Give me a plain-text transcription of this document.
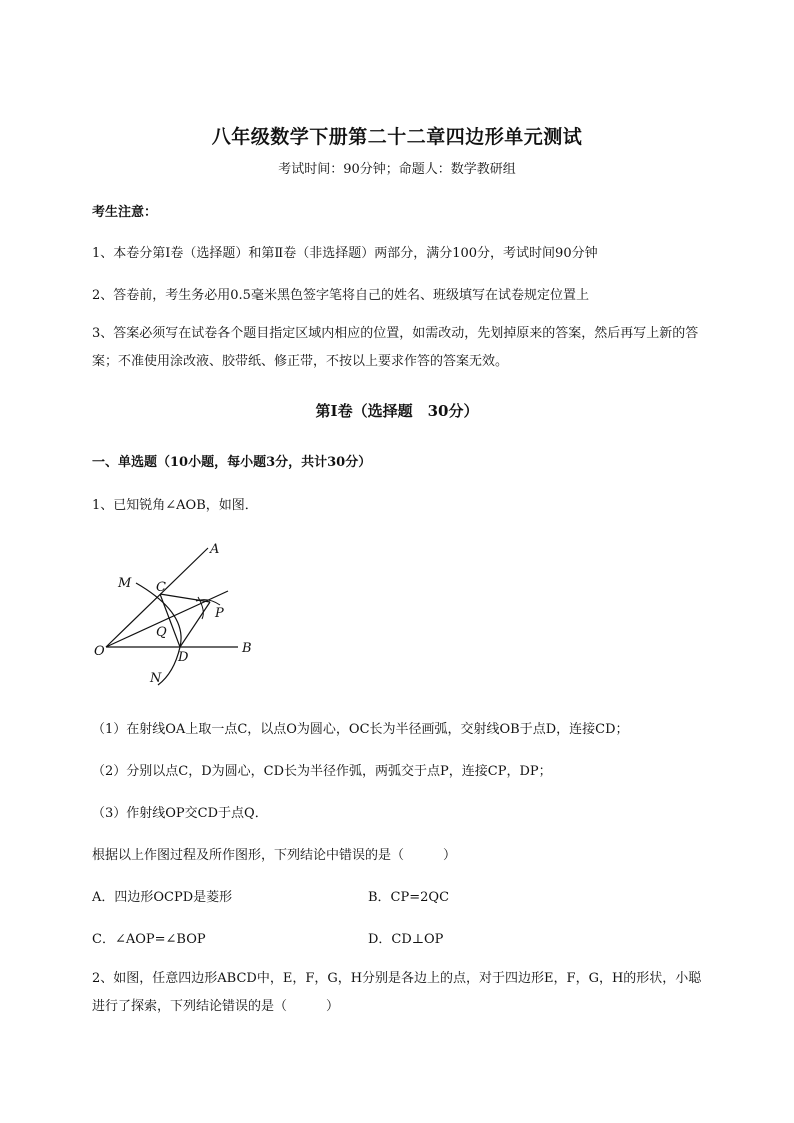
八年级数学下册第二十二章四边形单元测试
考试时间：90分钟；命题人：数学教研组
考生注意：
1、本卷分第Ⅰ卷（选择题）和第Ⅱ卷（非选择题）两部分，满分100分，考试时间90分钟
2、答卷前，考生务必用0.5毫米黑色签字笔将自己的姓名、班级填写在试卷规定位置上
3、答案必须写在试卷各个题目指定区域内相应的位置，如需改动，先划掉原来的答案，然后再写上新的答案；不准使用涂改液、胶带纸、修正带，不按以上要求作答的答案无效。
第Ⅰ卷（选择题　30分）
一、单选题（10小题，每小题3分，共计30分）
1、已知锐角∠AOB，如图．
A
M C
P
Q
O	D
B
N
（1）在射线OA上取一点C，以点O为圆心，OC长为半径画弧，交射线OB于点D，连接CD；
（2）分别以点C，D为圆心，CD长为半径作弧，两弧交于点P，连接CP，DP；
（3）作射线OP交CD于点Q．
根据以上作图过程及所作图形，下列结论中错误的是（　　　）
A．四边形OCPD是菱形	B．CP=2QC
C．∠AOP=∠BOP	D．CD⊥OP
2、如图，任意四边形ABCD中，E，F，G，H分别是各边上的点，对于四边形E，F，G，H的形状，小聪进行了探索，下列结论错误的是（　　　）
